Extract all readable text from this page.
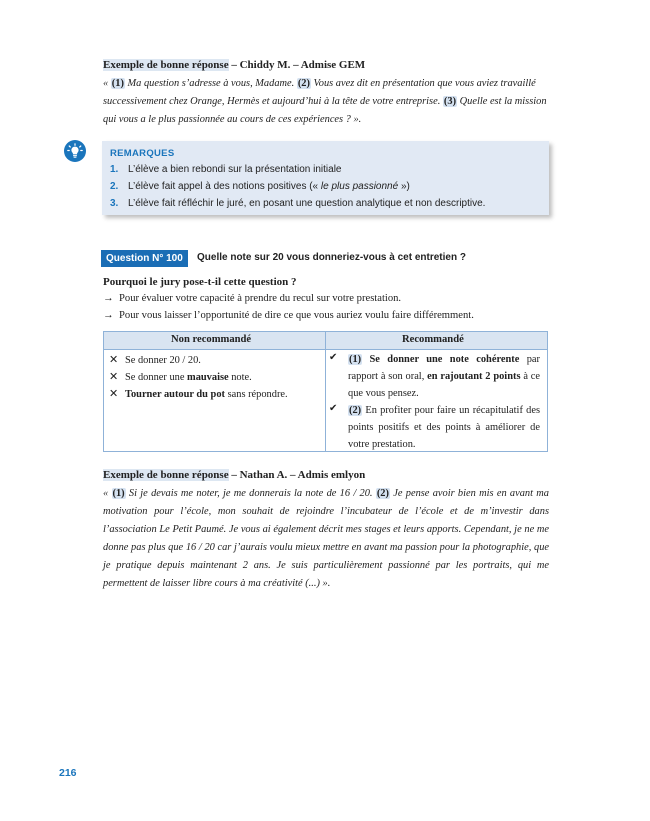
Exemple de bonne réponse – Chiddy M. – Admise GEM
« (1) Ma question s’adresse à vous, Madame. (2) Vous avez dit en présentation que vous aviez travaillé successivement chez Orange, Hermès et aujourd’hui à la tête de votre entreprise. (3) Quelle est la mission qui vous a le plus passionnée au cours de ces expériences ? ».
REMARQUES
1. L’élève a bien rebondi sur la présentation initiale
2. L’élève fait appel à des notions positives (« le plus passionné »)
3. L’élève fait réfléchir le juré, en posant une question analytique et non descriptive.
Question N° 100	Quelle note sur 20 vous donneriez-vous à cet entretien ?
Pourquoi le jury pose-t-il cette question ?
→ Pour évaluer votre capacité à prendre du recul sur votre prestation.
→ Pour vous laisser l’opportunité de dire ce que vous auriez voulu faire différemment.
Non recommandé	Recommandé
✕ Se donner 20 / 20.
✕ Se donner une mauvaise note.
✕ Tourner autour du pot sans répondre.
✔ (1) Se donner une note cohérente par rapport à son oral, en rajoutant 2 points à ce que vous pensez.
✔ (2) En profiter pour faire un récapitulatif des points positifs et des points à améliorer de votre prestation.
Exemple de bonne réponse – Nathan A. – Admis emlyon
« (1) Si je devais me noter, je me donnerais la note de 16 / 20. (2) Je pense avoir bien mis en avant ma motivation pour l’école, mon souhait de rejoindre l’incubateur de l’école et de m’investir dans l’association Le Petit Paumé. Je vous ai également décrit mes stages et leurs apports. Cependant, je ne me donne pas plus que 16 / 20 car j’aurais voulu mieux mettre en avant ma passion pour la photographie, que je pratique depuis maintenant 2 ans. Je suis particulièrement passionné par les portraits, qui me permettent de laisser libre cours à ma créativité (...) ».
216
